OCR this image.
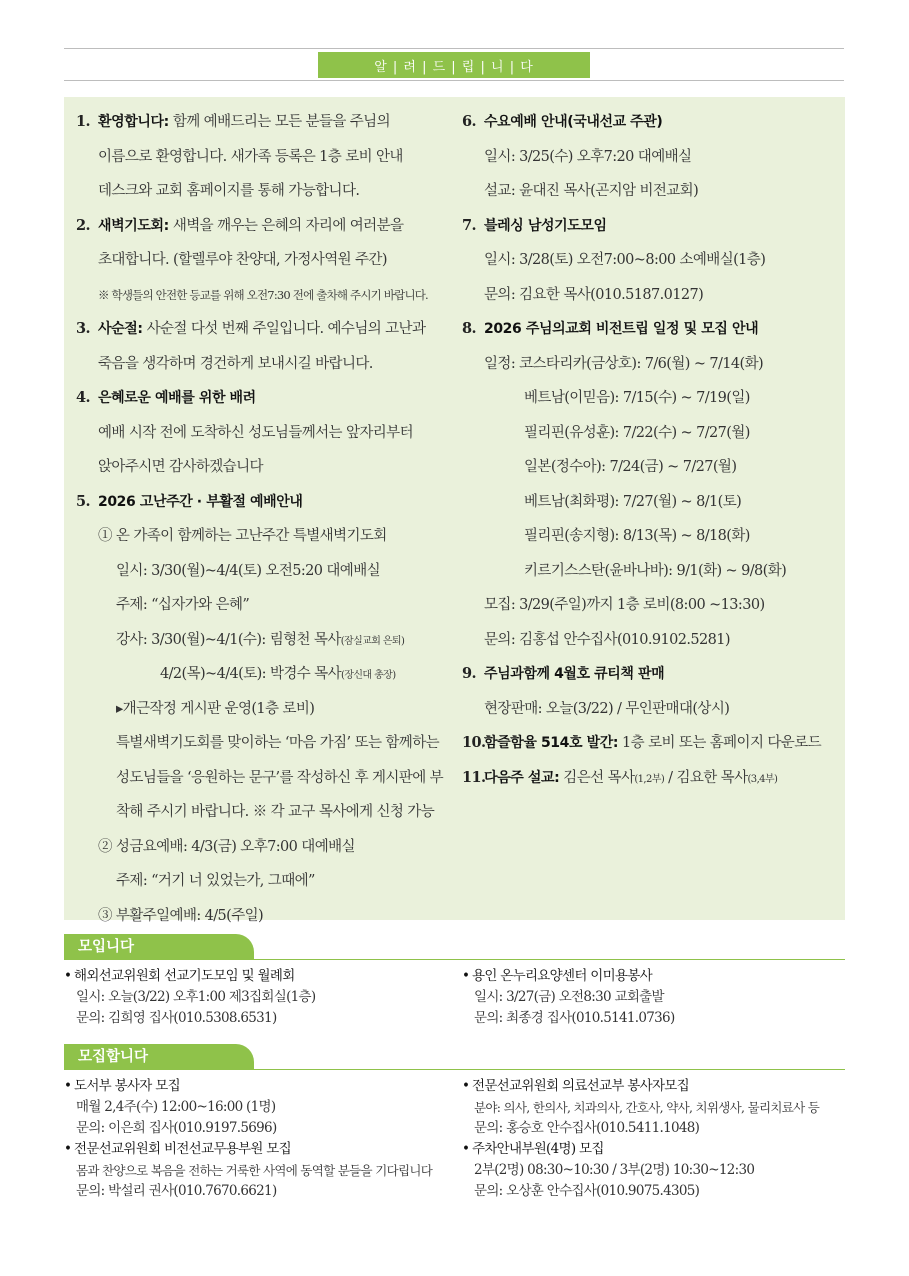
알 | 려 | 드 | 립 | 니 | 다
1. 환영합니다: 함께 예배드리는 모든 분들을 주님의
이름으로 환영합니다. 새가족 등록은 1층 로비 안내
데스크와 교회 홈페이지를 통해 가능합니다.
2. 새벽기도회: 새벽을 깨우는 은혜의 자리에 여러분을
초대합니다. (할렐루야 찬양대, 가정사역원 주간)
※ 학생들의 안전한 등교를 위해 오전7:30 전에 출차해 주시기 바랍니다.
3. 사순절: 사순절 다섯 번째 주일입니다. 예수님의 고난과
죽음을 생각하며 경건하게 보내시길 바랍니다.
4. 은혜로운 예배를 위한 배려
예배 시작 전에 도착하신 성도님들께서는 앞자리부터
앉아주시면 감사하겠습니다
5. 2026 고난주간 · 부활절 예배안내
① 온 가족이 함께하는 고난주간 특별새벽기도회
일시: 3/30(월)~4/4(토) 오전5:20 대예배실
주제: “십자가와 은혜”
강사: 3/30(월)~4/1(수): 림형천 목사(잠실교회 은퇴)
4/2(목)~4/4(토): 박경수 목사(장신대 총장)
▸개근작정 게시판 운영(1층 로비)
특별새벽기도회를 맞이하는 ‘마음 가짐’ 또는 함께하는
성도님들을 ‘응원하는 문구’를 작성하신 후 게시판에 부
착해 주시기 바랍니다. ※ 각 교구 목사에게 신청 가능
② 성금요예배: 4/3(금) 오후7:00 대예배실
주제: “거기 너 있었는가, 그때에”
③ 부활주일예배: 4/5(주일)
6. 수요예배 안내(국내선교 주관)
일시: 3/25(수) 오후7:20 대예배실
설교: 윤대진 목사(곤지암 비전교회)
7. 블레싱 남성기도모임
일시: 3/28(토) 오전7:00~8:00 소예배실(1층)
문의: 김요한 목사(010.5187.0127)
8. 2026 주님의교회 비전트립 일정 및 모집 안내
일정: 코스타리카(금상호): 7/6(월) ~ 7/14(화)
베트남(이믿음): 7/15(수) ~ 7/19(일)
필리핀(유성훈): 7/22(수) ~ 7/27(월)
일본(정수아): 7/24(금) ~ 7/27(월)
베트남(최화평): 7/27(월) ~ 8/1(토)
필리핀(송지형): 8/13(목) ~ 8/18(화)
키르기스스탄(윤바나바): 9/1(화) ~ 9/8(화)
모집: 3/29(주일)까지 1층 로비(8:00 ~13:30)
문의: 김홍섭 안수집사(010.9102.5281)
9. 주님과함께 4월호 큐티책 판매
현장판매: 오늘(3/22) / 무인판매대(상시)
10.함즐함율 514호 발간: 1층 로비 또는 홈페이지 다운로드
11.다음주 설교: 김은선 목사(1,2부) / 김요한 목사(3,4부)
모입니다
• 해외선교위원회 선교기도모임 및 월례회
일시: 오늘(3/22) 오후1:00 제3집회실(1층)
문의: 김희영 집사(010.5308.6531)
• 용인 온누리요양센터 이미용봉사
일시: 3/27(금) 오전8:30 교회출발
문의: 최종경 집사(010.5141.0736)
모집합니다
• 도서부 봉사자 모집
매월 2,4주(수) 12:00~16:00 (1명)
문의: 이은희 집사(010.9197.5696)
• 전문선교위원회 비전선교무용부원 모집
몸과 찬양으로 복음을 전하는 거룩한 사역에 동역할 분들을 기다립니다
문의: 박설리 권사(010.7670.6621)
• 전문선교위원회 의료선교부 봉사자모집
분야: 의사, 한의사, 치과의사, 간호사, 약사, 치위생사, 물리치료사 등
문의: 홍승호 안수집사(010.5411.1048)
• 주차안내부원(4명) 모집
2부(2명) 08:30~10:30 / 3부(2명) 10:30~12:30
문의: 오상훈 안수집사(010.9075.4305)
